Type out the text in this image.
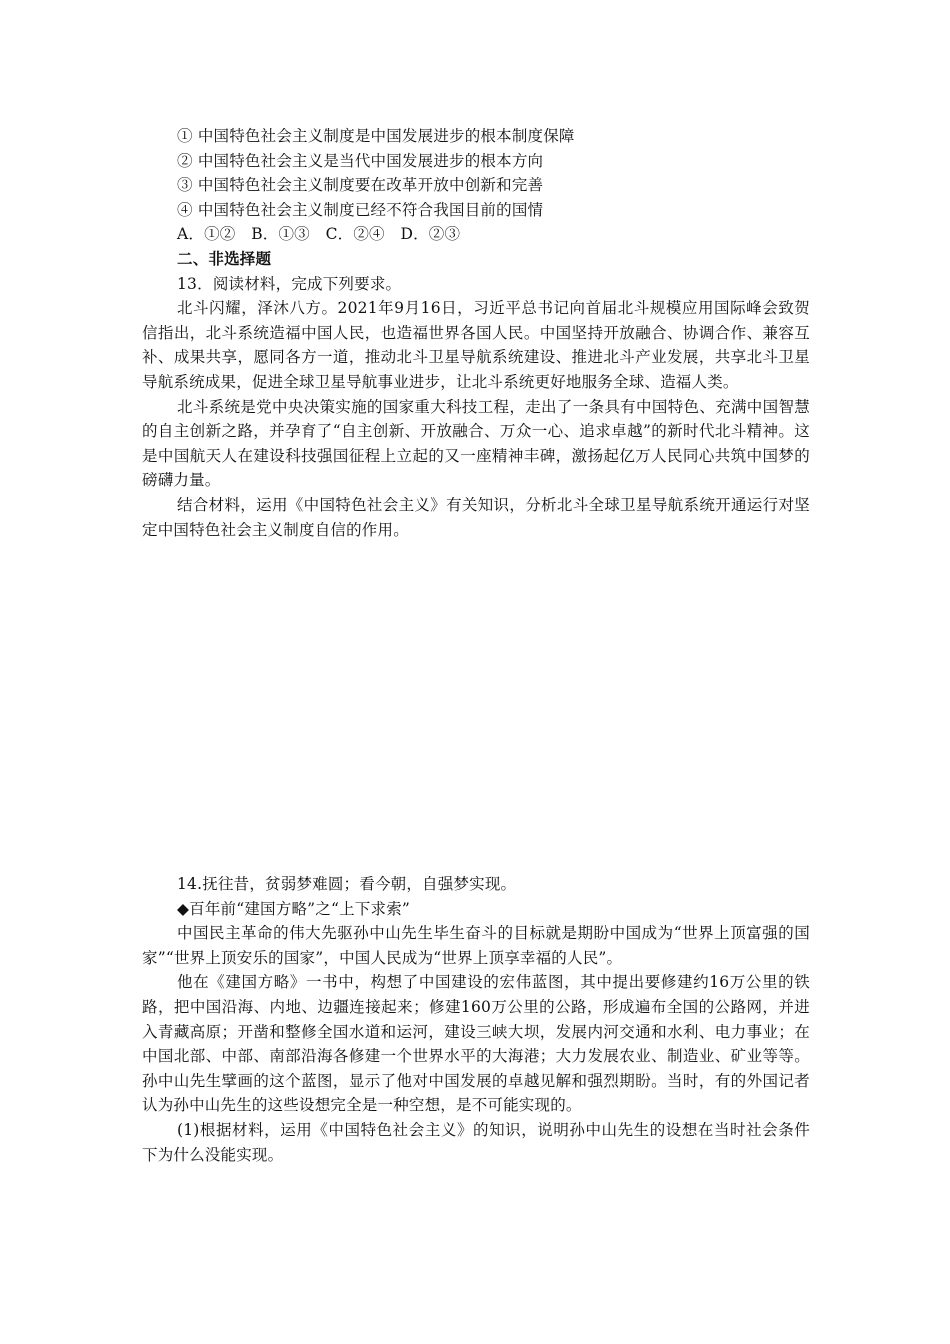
① 中国特色社会主义制度是中国发展进步的根本制度保障

② 中国特色社会主义是当代中国发展进步的根本方向

③ 中国特色社会主义制度要在改革开放中创新和完善

④ 中国特色社会主义制度已经不符合我国目前的国情

A．①②　B．①③　C．②④　D．②③

二、非选择题

13．阅读材料，完成下列要求。

北斗闪耀，泽沐八方。2021年9月16日，习近平总书记向首届北斗规模应用国际峰会致贺信指出，北斗系统造福中国人民，也造福世界各国人民。中国坚持开放融合、协调合作、兼容互补、成果共享，愿同各方一道，推动北斗卫星导航系统建设、推进北斗产业发展，共享北斗卫星导航系统成果，促进全球卫星导航事业进步，让北斗系统更好地服务全球、造福人类。

北斗系统是党中央决策实施的国家重大科技工程，走出了一条具有中国特色、充满中国智慧的自主创新之路，并孕育了“自主创新、开放融合、万众一心、追求卓越”的新时代北斗精神。这是中国航天人在建设科技强国征程上立起的又一座精神丰碑，激扬起亿万人民同心共筑中国梦的磅礴力量。

结合材料，运用《中国特色社会主义》有关知识，分析北斗全球卫星导航系统开通运行对坚定中国特色社会主义制度自信的作用。

14.抚往昔，贫弱梦难圆；看今朝，自强梦实现。

◆百年前“建国方略”之“上下求索”

中国民主革命的伟大先驱孙中山先生毕生奋斗的目标就是期盼中国成为“世界上顶富强的国家”“世界上顶安乐的国家”，中国人民成为“世界上顶享幸福的人民”。

他在《建国方略》一书中，构想了中国建设的宏伟蓝图，其中提出要修建约16万公里的铁路，把中国沿海、内地、边疆连接起来；修建160万公里的公路，形成遍布全国的公路网，并进入青藏高原；开凿和整修全国水道和运河，建设三峡大坝，发展内河交通和水利、电力事业；在中国北部、中部、南部沿海各修建一个世界水平的大海港；大力发展农业、制造业、矿业等等。孙中山先生擘画的这个蓝图，显示了他对中国发展的卓越见解和强烈期盼。当时，有的外国记者认为孙中山先生的这些设想完全是一种空想，是不可能实现的。

(1)根据材料，运用《中国特色社会主义》的知识，说明孙中山先生的设想在当时社会条件下为什么没能实现。
